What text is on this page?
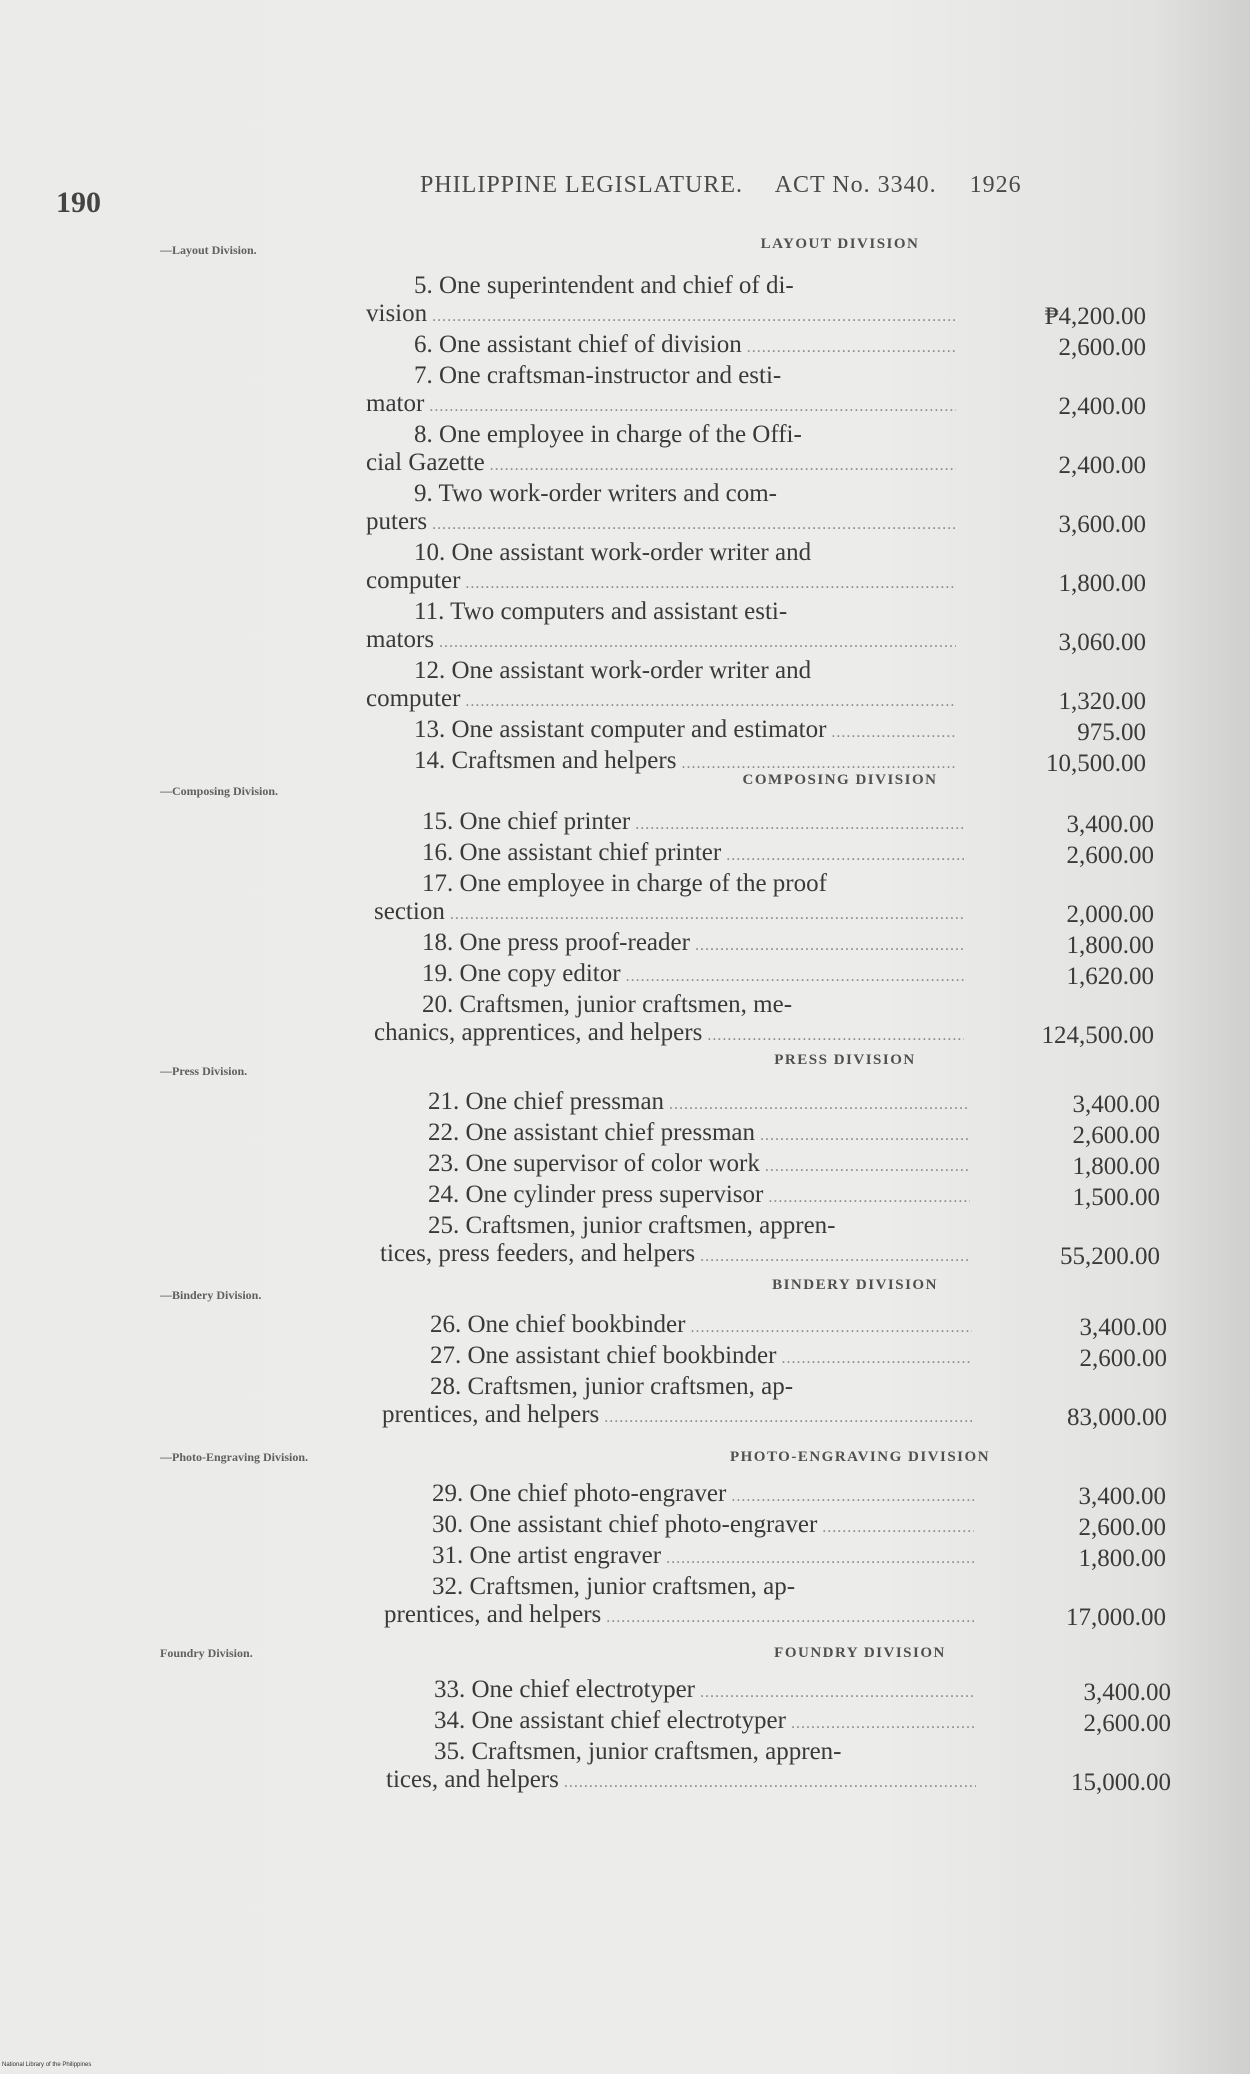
190
PHILIPPINE LEGISLATURE. ACT No. 3340. 1926
—Layout Division.	LAYOUT DIVISION
5. One superintendent and chief of di-
vision .....	₱4,200.00
6. One assistant chief of division .....	2,600.00
7. One craftsman-instructor and esti-
mator .....	2,400.00
8. One employee in charge of the Offi-
cial Gazette .....	2,400.00
9. Two work-order writers and com-
puters .....	3,600.00
10. One assistant work-order writer and
computer .....	1,800.00
11. Two computers and assistant esti-
mators .....	3,060.00
12. One assistant work-order writer and
computer .....	1,320.00
13. One assistant computer and estimator .....	975.00
14. Craftsmen and helpers .....	10,500.00
—Composing Division.
COMPOSING DIVISION
15. One chief printer .....	3,400.00
16. One assistant chief printer .....	2,600.00
17. One employee in charge of the proof
section .....	2,000.00
18. One press proof-reader .....	1,800.00
19. One copy editor .....	1,620.00
20. Craftsmen, junior craftsmen, me-
chanics, apprentices, and helpers .....	124,500.00
—Press Division.
PRESS DIVISION
21. One chief pressman .....	3,400.00
22. One assistant chief pressman .....	2,600.00
23. One supervisor of color work .....	1,800.00
24. One cylinder press supervisor .....	1,500.00
25. Craftsmen, junior craftsmen, appren-
tices, press feeders, and helpers .....	55,200.00
—Bindery Division.
BINDERY DIVISION
26. One chief bookbinder .....	3,400.00
27. One assistant chief bookbinder .....	2,600.00
28. Craftsmen, junior craftsmen, ap-
prentices, and helpers .....	83,000.00
—Photo-Engraving Division.	PHOTO-ENGRAVING DIVISION
29. One chief photo-engraver .....	3,400.00
30. One assistant chief photo-engraver .....	2,600.00
31. One artist engraver .....	1,800.00
32. Craftsmen, junior craftsmen, ap-
prentices, and helpers .....	17,000.00
Foundry Division.	FOUNDRY DIVISION
33. One chief electrotyper .....	3,400.00
34. One assistant chief electrotyper .....	2,600.00
35. Craftsmen, junior craftsmen, appren-
tices, and helpers .....	15,000.00
National Library of the Philippines
